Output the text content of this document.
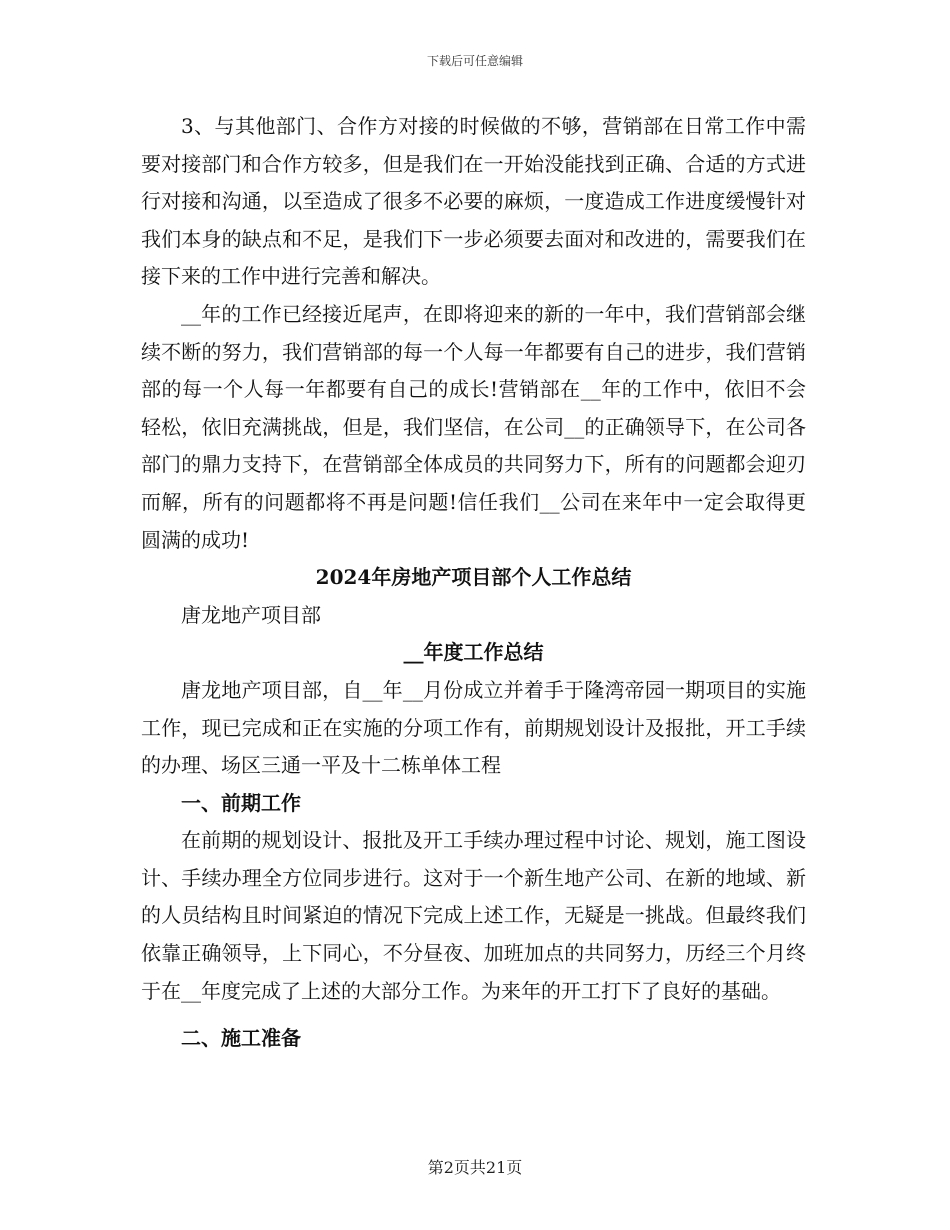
下载后可任意编辑

3、与其他部门、合作方对接的时候做的不够，营销部在日常工作中需要对接部门和合作方较多，但是我们在一开始没能找到正确、合适的方式进行对接和沟通，以至造成了很多不必要的麻烦，一度造成工作进度缓慢针对我们本身的缺点和不足，是我们下一步必须要去面对和改进的，需要我们在接下来的工作中进行完善和解决。

__年的工作已经接近尾声，在即将迎来的新的一年中，我们营销部会继续不断的努力，我们营销部的每一个人每一年都要有自己的进步，我们营销部的每一个人每一年都要有自己的成长!营销部在__年的工作中，依旧不会轻松，依旧充满挑战，但是，我们坚信，在公司__的正确领导下，在公司各部门的鼎力支持下，在营销部全体成员的共同努力下，所有的问题都会迎刃而解，所有的问题都将不再是问题!信任我们__公司在来年中一定会取得更圆满的成功!

2024年房地产项目部个人工作总结

唐龙地产项目部

__年度工作总结

唐龙地产项目部，自__年__月份成立并着手于隆湾帝园一期项目的实施工作，现已完成和正在实施的分项工作有，前期规划设计及报批，开工手续的办理、场区三通一平及十二栋单体工程

一、前期工作

在前期的规划设计、报批及开工手续办理过程中讨论、规划，施工图设计、手续办理全方位同步进行。这对于一个新生地产公司、在新的地域、新的人员结构且时间紧迫的情况下完成上述工作，无疑是一挑战。但最终我们依靠正确领导，上下同心，不分昼夜、加班加点的共同努力，历经三个月终于在__年度完成了上述的大部分工作。为来年的开工打下了良好的基础。

二、施工准备

第2页共21页
